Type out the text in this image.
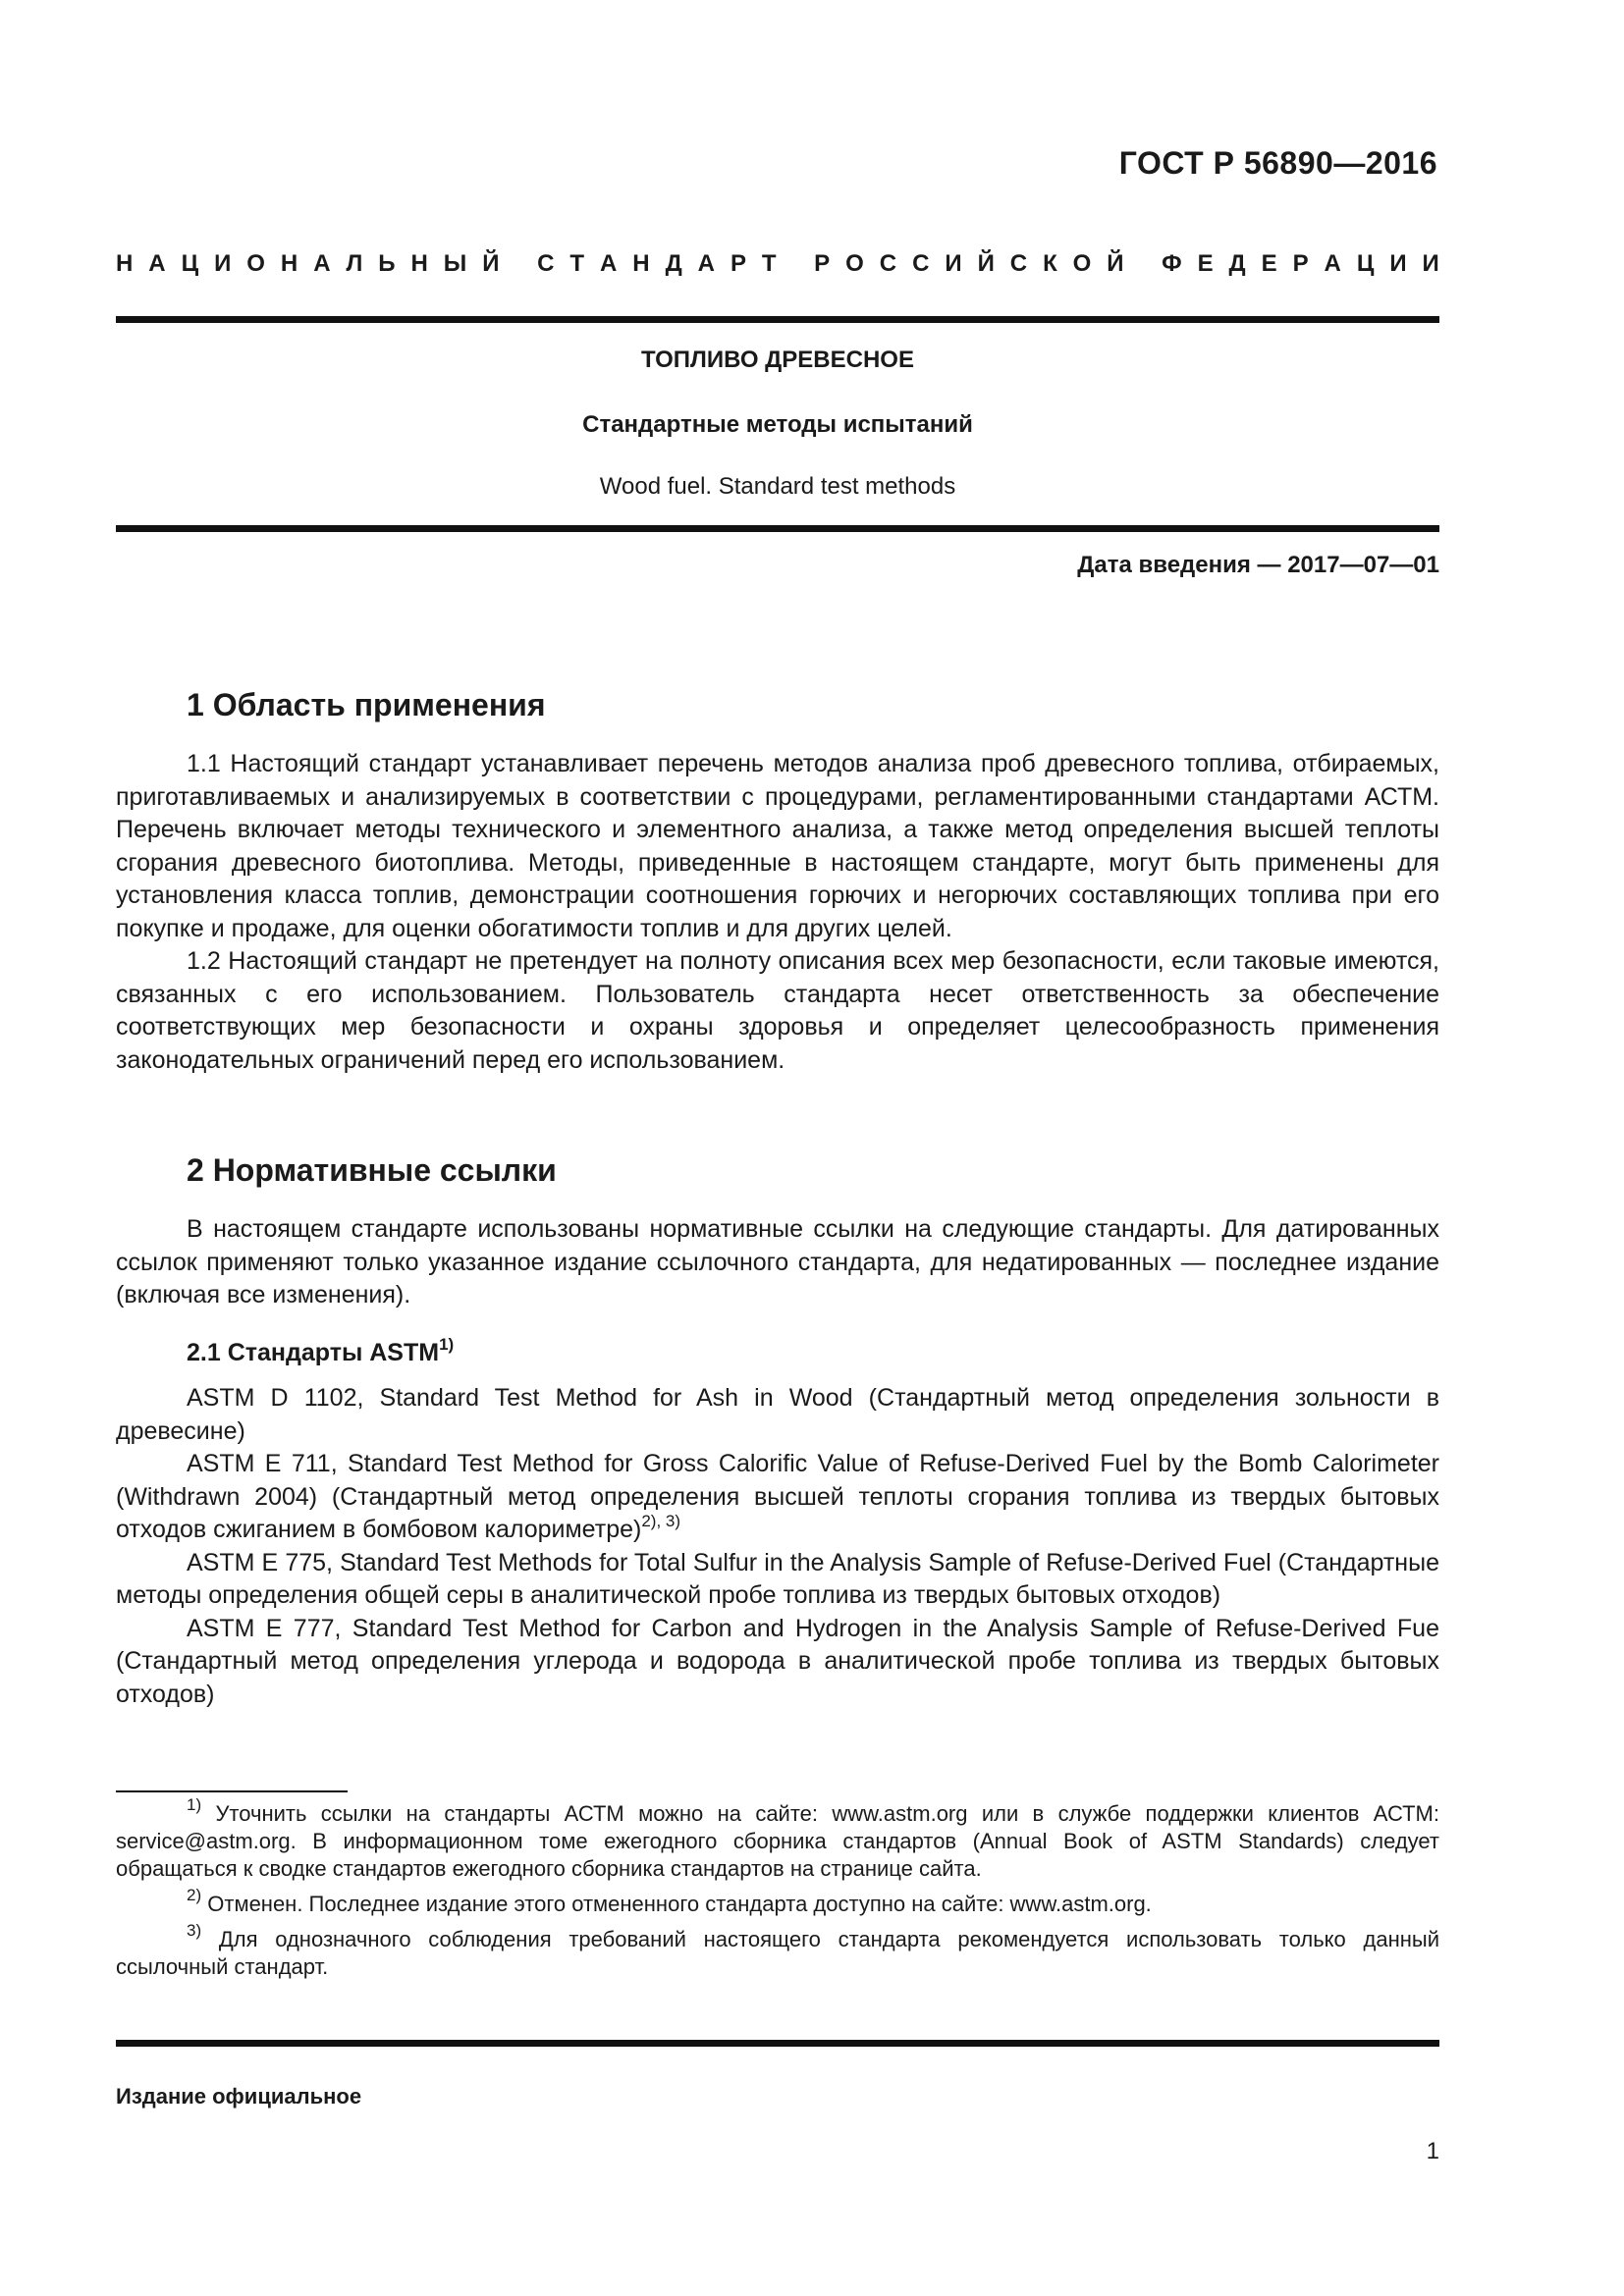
ГОСТ Р 56890—2016
Н А Ц И О Н А Л Ь Н Ы Й
С Т А Н Д А Р Т
Р О С С И Й С К О Й
Ф Е Д Е Р А Ц И И
ТОПЛИВО ДРЕВЕСНОЕ
Стандартные методы испытаний
Wood fuel. Standard test methods
Дата введения — 2017—07—01
1 Область применения

1.1 Настоящий стандарт устанавливает перечень методов анализа проб древесного топлива, отбираемых, приготавливаемых и анализируемых в соответствии с процедурами, регламентированными стандартами АСТМ. Перечень включает методы технического и элементного анализа, а также метод определения высшей теплоты сгорания древесного биотоплива. Методы, приведенные в настоящем стандарте, могут быть применены для установления класса топлив, демонстрации соотношения горючих и негорючих составляющих топлива при его покупке и продаже, для оценки обогатимости топлив и для других целей.

1.2 Настоящий стандарт не претендует на полноту описания всех мер безопасности, если таковые имеются, связанных с его использованием. Пользователь стандарта несет ответственность за обеспечение соответствующих мер безопасности и охраны здоровья и определяет целесообразность применения законодательных ограничений перед его использованием.

2 Нормативные ссылки

В настоящем стандарте использованы нормативные ссылки на следующие стандарты. Для датированных ссылок применяют только указанное издание ссылочного стандарта, для недатированных — последнее издание (включая все изменения).

2.1 Стандарты ASTM$^{1)}$

ASTM D 1102, Standard Test Method for Ash in Wood (Стандартный метод определения зольности в древесине)

ASTM E 711, Standard Test Method for Gross Calorific Value of Refuse-Derived Fuel by the Bomb Calorimeter (Withdrawn 2004) (Стандартный метод определения высшей теплоты сгорания топлива из твердых бытовых отходов сжиганием в бомбовом калориметре)$^{2), 3)}$

ASTM E 775, Standard Test Methods for Total Sulfur in the Analysis Sample of Refuse-Derived Fuel (Стандартные методы определения общей серы в аналитической пробе топлива из твердых бытовых отходов)

ASTM E 777, Standard Test Method for Carbon and Hydrogen in the Analysis Sample of Refuse-Derived Fue (Стандартный метод определения углерода и водорода в аналитической пробе топлива из твердых бытовых отходов)

$^{1)}$ Уточнить ссылки на стандарты АСТМ можно на сайте: www.astm.org или в службе поддержки клиентов АСТМ: service@astm.org. В информационном томе ежегодного сборника стандартов (Annual Book of ASTM Standards) следует обращаться к сводке стандартов ежегодного сборника стандартов на странице сайта.

$^{2)}$ Отменен. Последнее издание этого отмененного стандарта доступно на сайте: www.astm.org.

$^{3)}$ Для однозначного соблюдения требований настоящего стандарта рекомендуется использовать только данный ссылочный стандарт.

Издание официальное
1
